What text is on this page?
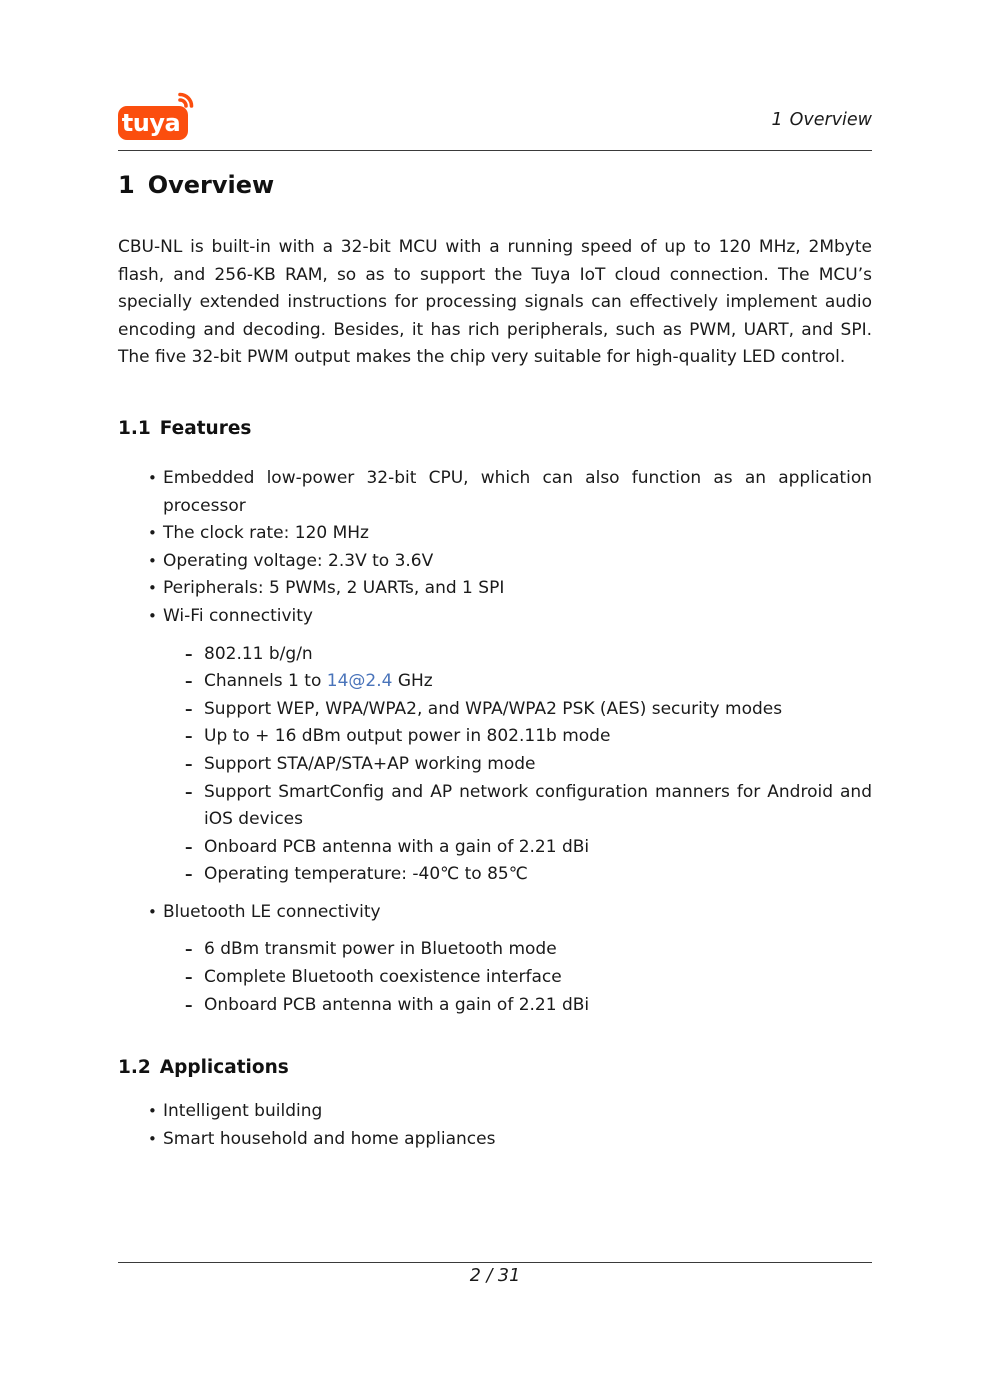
tuya	1 Overview
1 Overview

CBU-NL is built-in with a 32-bit MCU with a running speed of up to 120 MHz, 2Mbyte flash, and 256-KB RAM, so as to support the Tuya IoT cloud connection. The MCU’s specially extended instructions for processing signals can effectively implement audio encoding and decoding. Besides, it has rich peripherals, such as PWM, UART, and SPI. The five 32-bit PWM output makes the chip very suitable for high-quality LED control.

1.1 Features
• Embedded low-power 32-bit CPU, which can also function as an application processor
• The clock rate: 120 MHz
• Operating voltage: 2.3V to 3.6V
• Peripherals: 5 PWMs, 2 UARTs, and 1 SPI
• Wi-Fi connectivity
– 802.11 b/g/n
– Channels 1 to 14@2.4 GHz
– Support WEP, WPA/WPA2, and WPA/WPA2 PSK (AES) security modes
– Up to + 16 dBm output power in 802.11b mode
– Support STA/AP/STA+AP working mode
– Support SmartConfig and AP network configuration manners for Android and iOS devices
– Onboard PCB antenna with a gain of 2.21 dBi
– Operating temperature: -40℃ to 85℃
• Bluetooth LE connectivity
– 6 dBm transmit power in Bluetooth mode
– Complete Bluetooth coexistence interface
– Onboard PCB antenna with a gain of 2.21 dBi
1.2 Applications
• Intelligent building
• Smart household and home appliances
2 / 31
